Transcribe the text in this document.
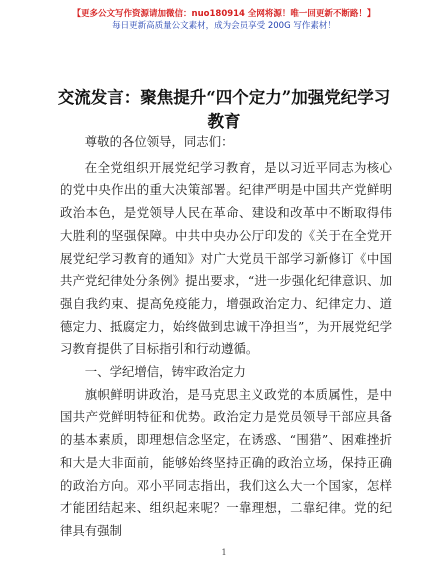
【更多公文写作资源请加微信：nuo180914 全网将源！唯一回更新不断路！】
每日更新高质量公文素材，成为会员享受 200G 写作素材！
交流发言：聚焦提升“四个定力”加强党纪学习教育

尊敬的各位领导，同志们：

在全党组织开展党纪学习教育，是以习近平同志为核心的党中央作出的重大决策部署。纪律严明是中国共产党鲜明政治本色，是党领导人民在革命、建设和改革中不断取得伟大胜利的坚强保障。中共中央办公厅印发的《关于在全党开展党纪学习教育的通知》对广大党员干部学习新修订《中国共产党纪律处分条例》提出要求，“进一步强化纪律意识、加强自我约束、提高免疫能力，增强政治定力、纪律定力、道德定力、抵腐定力，始终做到忠诚干净担当”，为开展党纪学习教育提供了目标指引和行动遵循。

一、学纪增信，铸牢政治定力

旗帜鲜明讲政治，是马克思主义政党的本质属性，是中国共产党鲜明特征和优势。政治定力是党员领导干部应具备的基本素质，即理想信念坚定，在诱惑、“围猎”、困难挫折和大是大非面前，能够始终坚持正确的政治立场，保持正确的政治方向。邓小平同志指出，我们这么大一个国家，怎样才能团结起来、组织起来呢？一靠理想，二靠纪律。党的纪律具有强制

1
